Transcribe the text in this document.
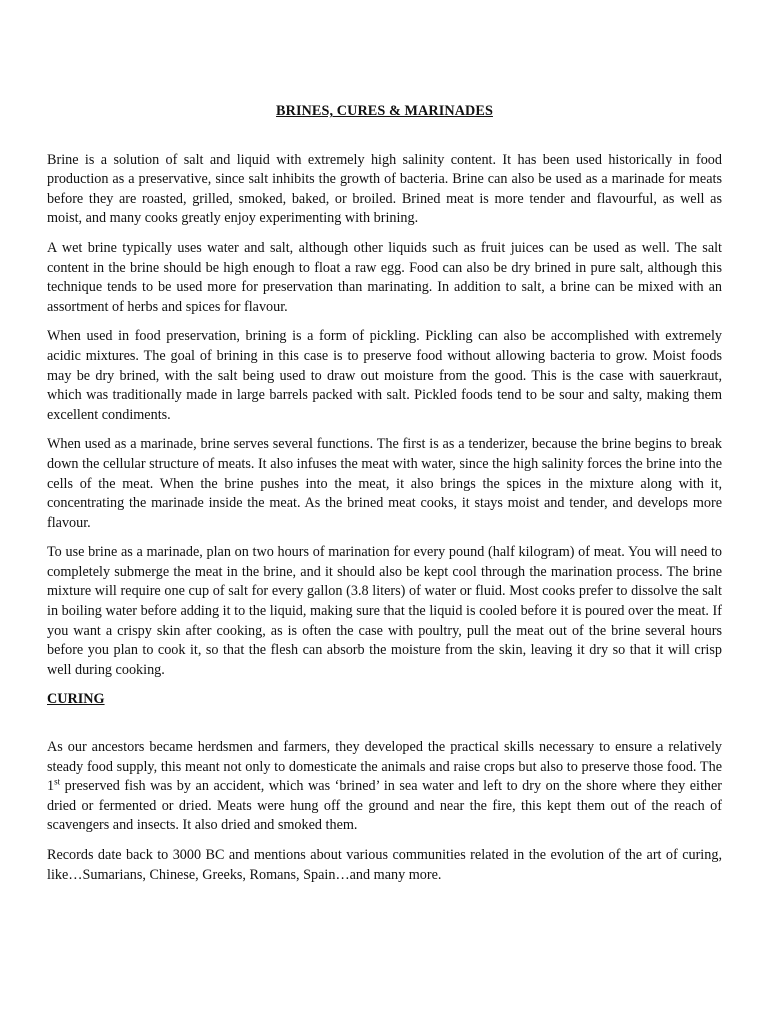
BRINES, CURES & MARINADES

Brine is a solution of salt and liquid with extremely high salinity content. It has been used historically in food production as a preservative, since salt inhibits the growth of bacteria. Brine can also be used as a marinade for meats before they are roasted, grilled, smoked, baked, or broiled. Brined meat is more tender and flavourful, as well as moist, and many cooks greatly enjoy experimenting with brining.

A wet brine typically uses water and salt, although other liquids such as fruit juices can be used as well. The salt content in the brine should be high enough to float a raw egg. Food can also be dry brined in pure salt, although this technique tends to be used more for preservation than marinating. In addition to salt, a brine can be mixed with an assortment of herbs and spices for flavour.

When used in food preservation, brining is a form of pickling. Pickling can also be accomplished with extremely acidic mixtures. The goal of brining in this case is to preserve food without allowing bacteria to grow. Moist foods may be dry brined, with the salt being used to draw out moisture from the good. This is the case with sauerkraut, which was traditionally made in large barrels packed with salt. Pickled foods tend to be sour and salty, making them excellent condiments.

When used as a marinade, brine serves several functions. The first is as a tenderizer, because the brine begins to break down the cellular structure of meats. It also infuses the meat with water, since the high salinity forces the brine into the cells of the meat. When the brine pushes into the meat, it also brings the spices in the mixture along with it, concentrating the marinade inside the meat. As the brined meat cooks, it stays moist and tender, and develops more flavour.

To use brine as a marinade, plan on two hours of marination for every pound (half kilogram) of meat. You will need to completely submerge the meat in the brine, and it should also be kept cool through the marination process. The brine mixture will require one cup of salt for every gallon (3.8 liters) of water or fluid. Most cooks prefer to dissolve the salt in boiling water before adding it to the liquid, making sure that the liquid is cooled before it is poured over the meat. If you want a crispy skin after cooking, as is often the case with poultry, pull the meat out of the brine several hours before you plan to cook it, so that the flesh can absorb the moisture from the skin, leaving it dry so that it will crisp well during cooking.

CURING

As our ancestors became herdsmen and farmers, they developed the practical skills necessary to ensure a relatively steady food supply, this meant not only to domesticate the animals and raise crops but also to preserve those food. The 1st preserved fish was by an accident, which was ‘brined’ in sea water and left to dry on the shore where they either dried or fermented or dried. Meats were hung off the ground and near the fire, this kept them out of the reach of scavengers and insects. It also dried and smoked them.

Records date back to 3000 BC and mentions about various communities related in the evolution of the art of curing, like…Sumarians, Chinese, Greeks, Romans, Spain…and many more.
